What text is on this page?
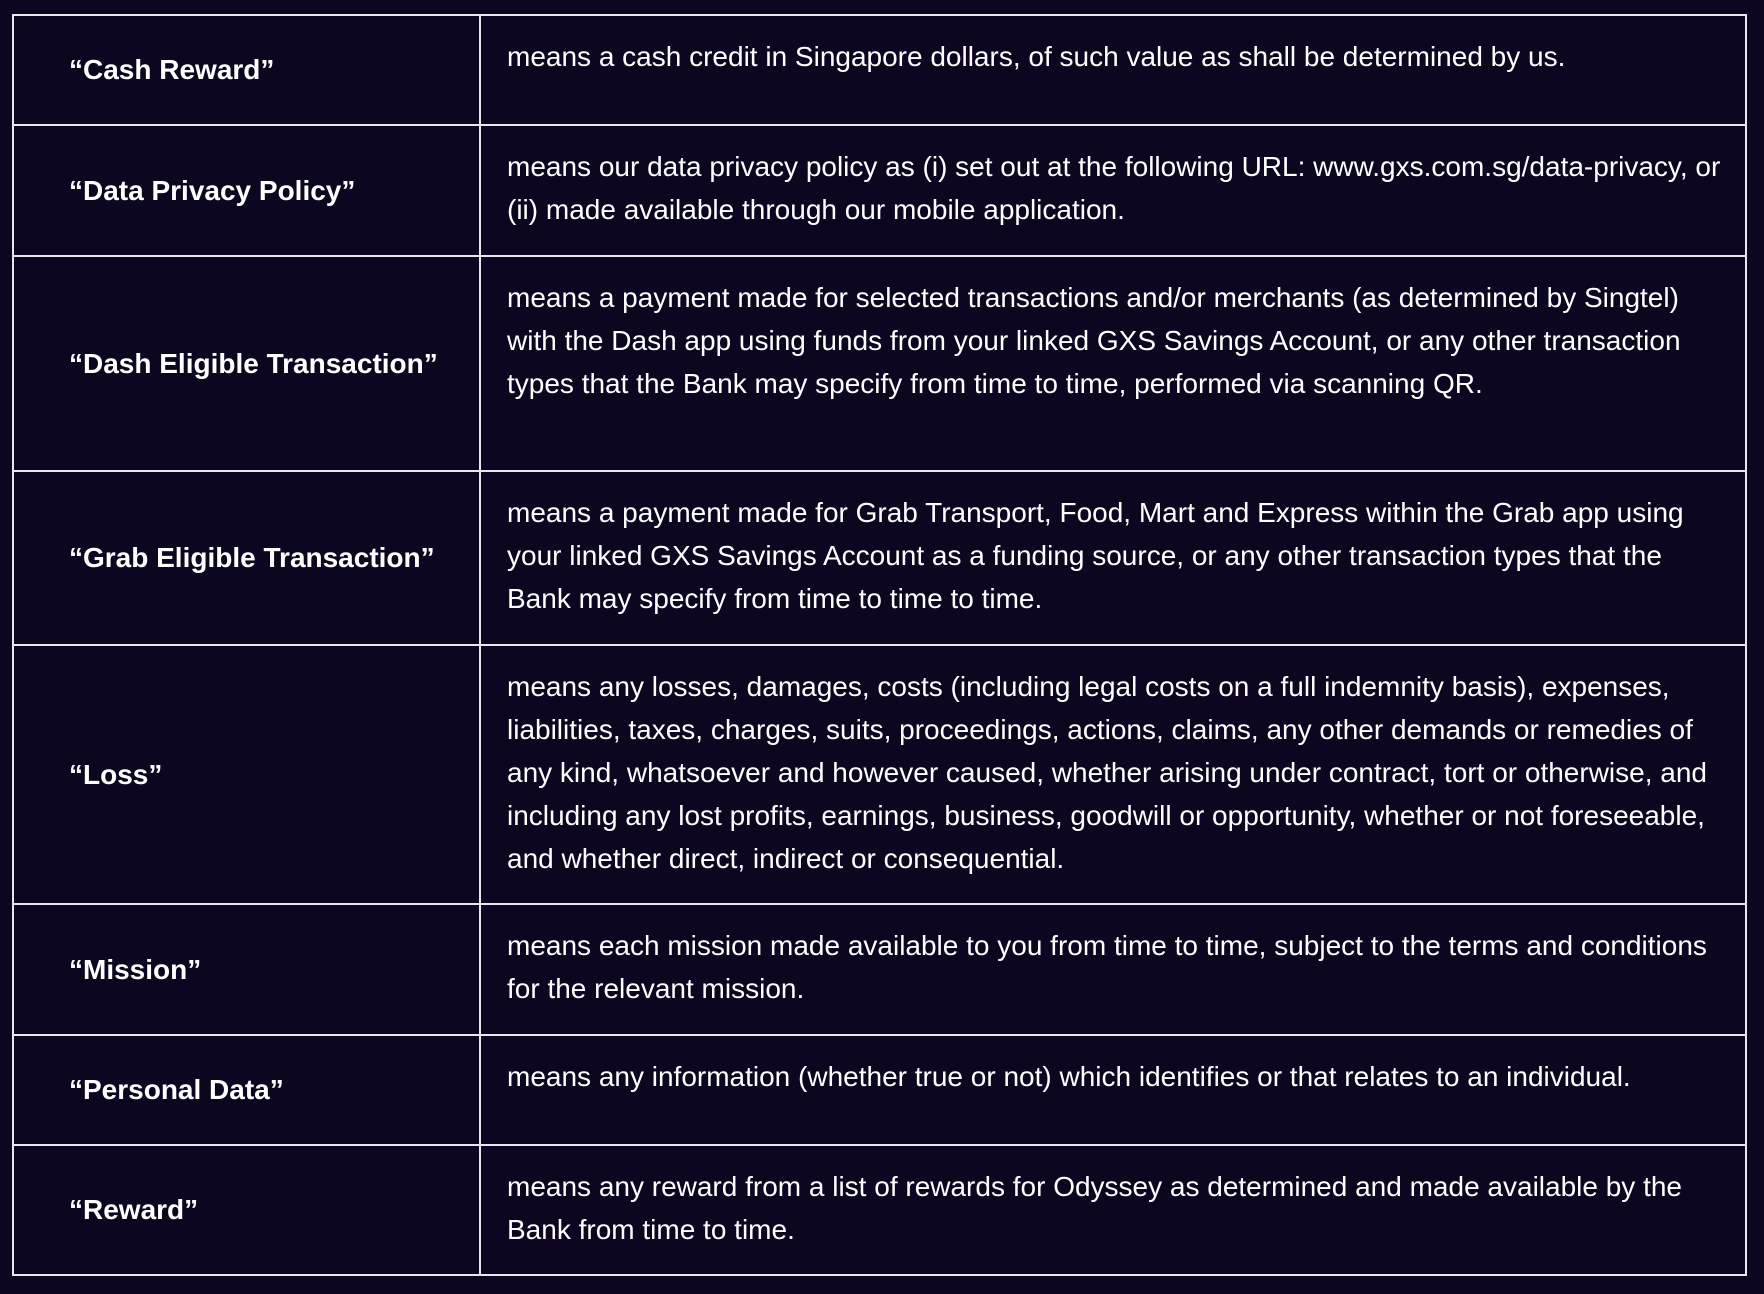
“Cash Reward”	means a cash credit in Singapore dollars, of such value as shall be determined by us.

“Data Privacy Policy”	means our data privacy policy as (i) set out at the following URL: www.gxs.com.sg/data-privacy, or (ii) made available through our mobile application.

“Dash Eligible Transaction”	means a payment made for selected transactions and/or merchants (as determined by Singtel) with the Dash app using funds from your linked GXS Savings Account, or any other transaction types that the Bank may specify from time to time, performed via scanning QR.

“Grab Eligible Transaction”	means a payment made for Grab Transport, Food, Mart and Express within the Grab app using your linked GXS Savings Account as a funding source, or any other transaction types that the Bank may specify from time to time to time.

“Loss”	means any losses, damages, costs (including legal costs on a full indemnity basis), expenses, liabilities, taxes, charges, suits, proceedings, actions, claims, any other demands or remedies of any kind, whatsoever and however caused, whether arising under contract, tort or otherwise, and including any lost profits, earnings, business, goodwill or opportunity, whether or not foreseeable, and whether direct, indirect or consequential.

“Mission”	means each mission made available to you from time to time, subject to the terms and conditions for the relevant mission.

“Personal Data”	means any information (whether true or not) which identifies or that relates to an individual.

“Reward”	means any reward from a list of rewards for Odyssey as determined and made available by the Bank from time to time.
